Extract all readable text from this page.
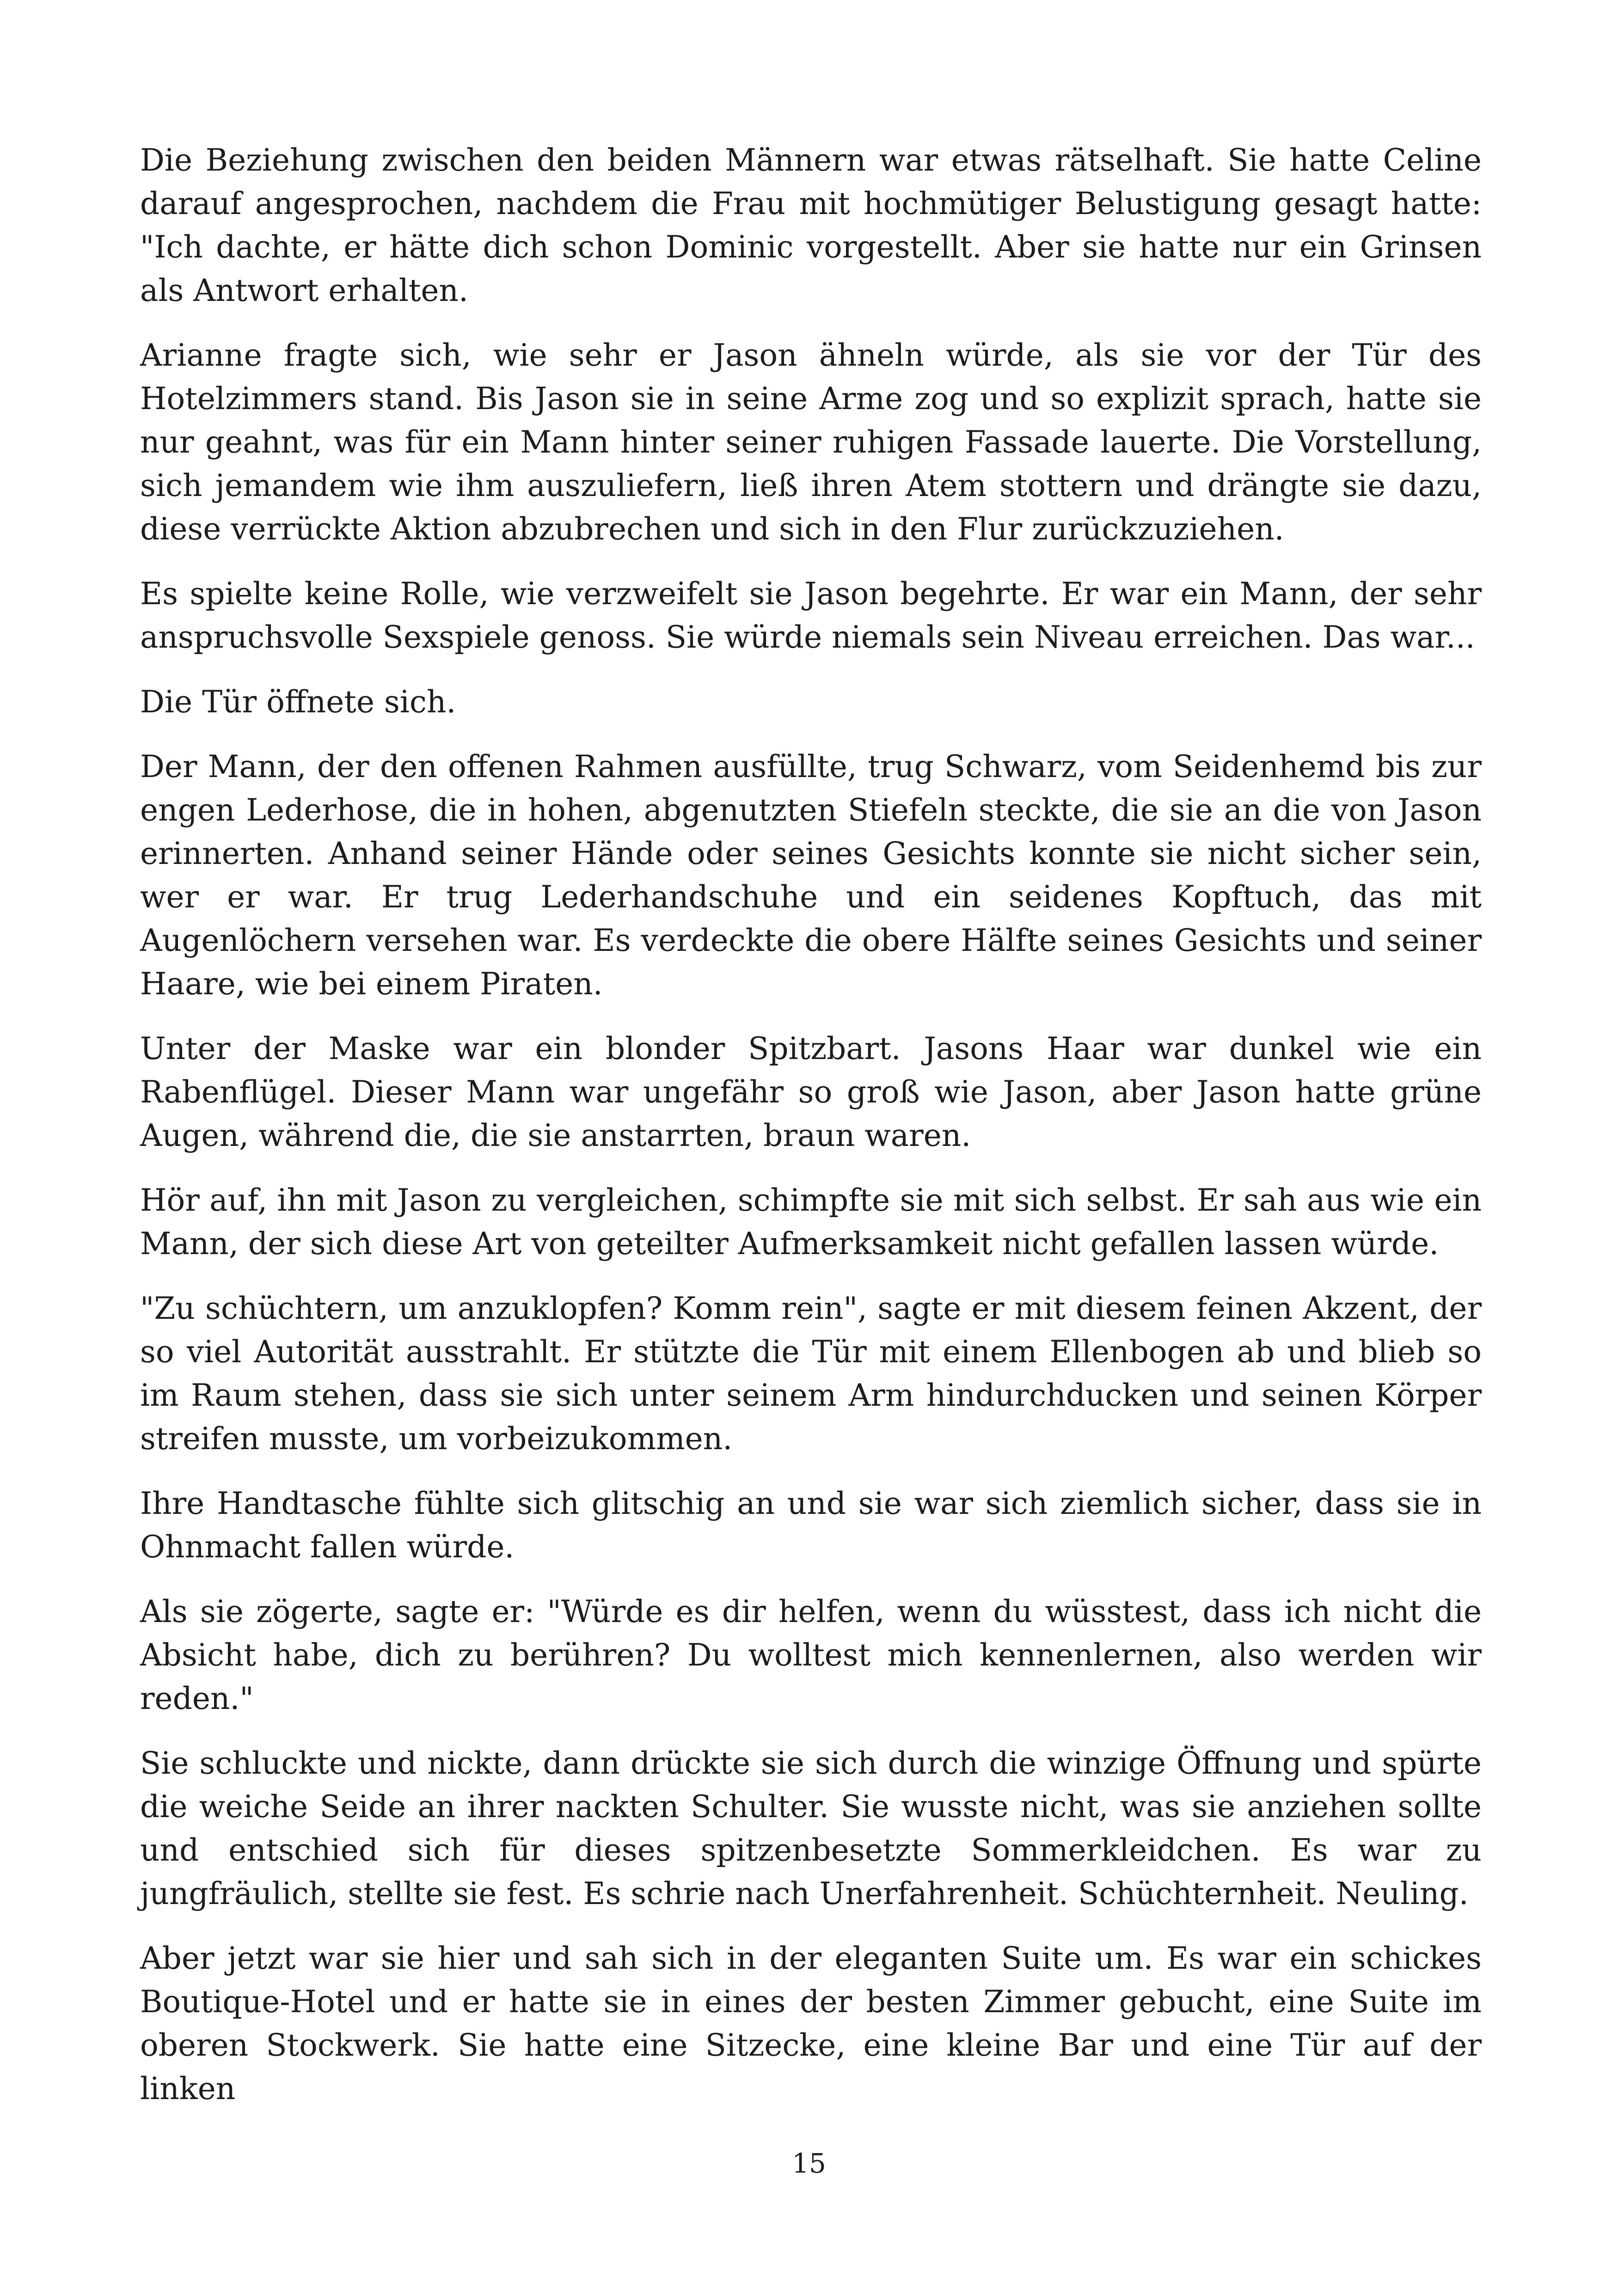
Die Beziehung zwischen den beiden Männern war etwas rätselhaft. Sie hatte Celine darauf angesprochen, nachdem die Frau mit hochmütiger Belustigung gesagt hatte: "Ich dachte, er hätte dich schon Dominic vorgestellt. Aber sie hatte nur ein Grinsen als Antwort erhalten.

Arianne fragte sich, wie sehr er Jason ähneln würde, als sie vor der Tür des Hotelzimmers stand. Bis Jason sie in seine Arme zog und so explizit sprach, hatte sie nur geahnt, was für ein Mann hinter seiner ruhigen Fassade lauerte. Die Vorstellung, sich jemandem wie ihm auszuliefern, ließ ihren Atem stottern und drängte sie dazu, diese verrückte Aktion abzubrechen und sich in den Flur zurückzuziehen.

Es spielte keine Rolle, wie verzweifelt sie Jason begehrte. Er war ein Mann, der sehr anspruchsvolle Sexspiele genoss. Sie würde niemals sein Niveau erreichen. Das war...

Die Tür öffnete sich.

Der Mann, der den offenen Rahmen ausfüllte, trug Schwarz, vom Seidenhemd bis zur engen Lederhose, die in hohen, abgenutzten Stiefeln steckte, die sie an die von Jason erinnerten. Anhand seiner Hände oder seines Gesichts konnte sie nicht sicher sein, wer er war. Er trug Lederhandschuhe und ein seidenes Kopftuch, das mit Augenlöchern versehen war. Es verdeckte die obere Hälfte seines Gesichts und seiner Haare, wie bei einem Piraten.

Unter der Maske war ein blonder Spitzbart. Jasons Haar war dunkel wie ein Rabenflügel. Dieser Mann war ungefähr so groß wie Jason, aber Jason hatte grüne Augen, während die, die sie anstarrten, braun waren.

Hör auf, ihn mit Jason zu vergleichen, schimpfte sie mit sich selbst. Er sah aus wie ein Mann, der sich diese Art von geteilter Aufmerksamkeit nicht gefallen lassen würde.

"Zu schüchtern, um anzuklopfen? Komm rein", sagte er mit diesem feinen Akzent, der so viel Autorität ausstrahlt. Er stützte die Tür mit einem Ellenbogen ab und blieb so im Raum stehen, dass sie sich unter seinem Arm hindurchducken und seinen Körper streifen musste, um vorbeizukommen.

Ihre Handtasche fühlte sich glitschig an und sie war sich ziemlich sicher, dass sie in Ohnmacht fallen würde.

Als sie zögerte, sagte er: "Würde es dir helfen, wenn du wüsstest, dass ich nicht die Absicht habe, dich zu berühren? Du wolltest mich kennenlernen, also werden wir reden."

Sie schluckte und nickte, dann drückte sie sich durch die winzige Öffnung und spürte die weiche Seide an ihrer nackten Schulter. Sie wusste nicht, was sie anziehen sollte und entschied sich für dieses spitzenbesetzte Sommerkleidchen. Es war zu jungfräulich, stellte sie fest. Es schrie nach Unerfahrenheit. Schüchternheit. Neuling.

Aber jetzt war sie hier und sah sich in der eleganten Suite um. Es war ein schickes Boutique-Hotel und er hatte sie in eines der besten Zimmer gebucht, eine Suite im oberen Stockwerk. Sie hatte eine Sitzecke, eine kleine Bar und eine Tür auf der linken

15
